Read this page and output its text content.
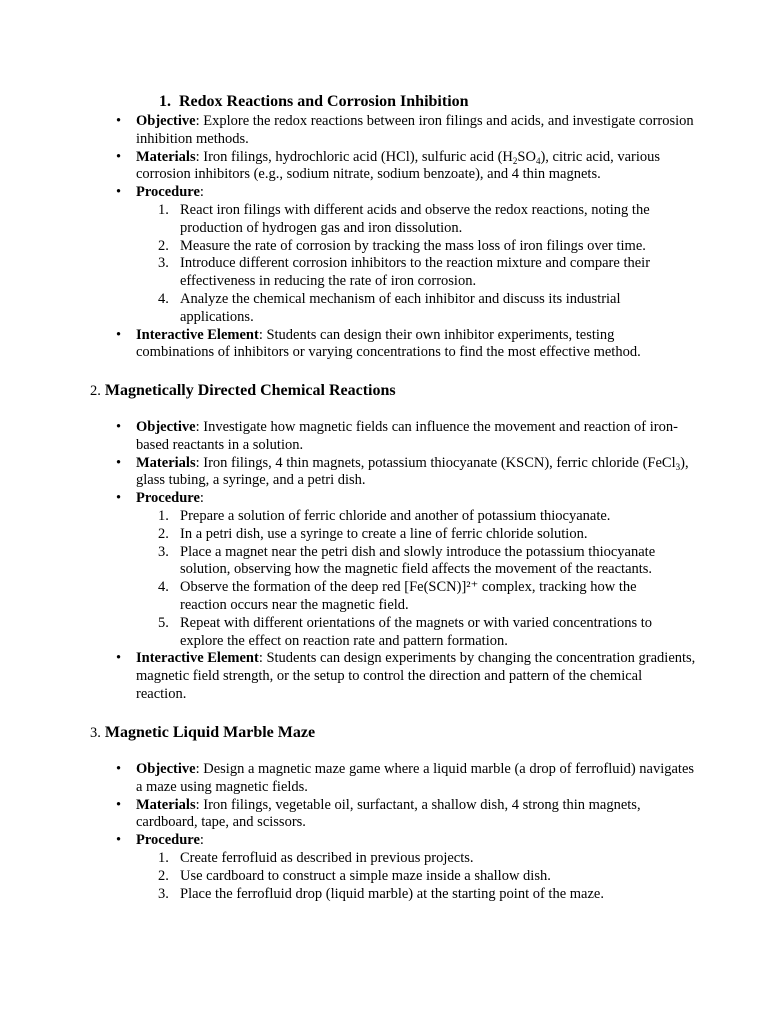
1. Redox Reactions and Corrosion Inhibition
• Objective: Explore the redox reactions between iron filings and acids, and investigate corrosion inhibition methods.
• Materials: Iron filings, hydrochloric acid (HCl), sulfuric acid $(H_2SO_4)$, citric acid, various corrosion inhibitors (e.g., sodium nitrate, sodium benzoate), and 4 thin magnets.
• Procedure:
1. React iron filings with different acids and observe the redox reactions, noting the production of hydrogen gas and iron dissolution.
2. Measure the rate of corrosion by tracking the mass loss of iron filings over time.
3. Introduce different corrosion inhibitors to the reaction mixture and compare their effectiveness in reducing the rate of iron corrosion.
4. Analyze the chemical mechanism of each inhibitor and discuss its industrial applications.
• Interactive Element: Students can design their own inhibitor experiments, testing combinations of inhibitors or varying concentrations to find the most effective method.
2. Magnetically Directed Chemical Reactions
• Objective: Investigate how magnetic fields can influence the movement and reaction of iron-based reactants in a solution.
• Materials: Iron filings, 4 thin magnets, potassium thiocyanate (KSCN), ferric chloride (FeCl$_3$), glass tubing, a syringe, and a petri dish.
• Procedure:
1. Prepare a solution of ferric chloride and another of potassium thiocyanate.
2. In a petri dish, use a syringe to create a line of ferric chloride solution.
3. Place a magnet near the petri dish and slowly introduce the potassium thiocyanate solution, observing how the magnetic field affects the movement of the reactants.
4. Observe the formation of the deep red [Fe(SCN)]²⁺ complex, tracking how the reaction occurs near the magnetic field.
5. Repeat with different orientations of the magnets or with varied concentrations to explore the effect on reaction rate and pattern formation.
• Interactive Element: Students can design experiments by changing the concentration gradients, magnetic field strength, or the setup to control the direction and pattern of the chemical reaction.
3. Magnetic Liquid Marble Maze
• Objective: Design a magnetic maze game where a liquid marble (a drop of ferrofluid) navigates a maze using magnetic fields.
• Materials: Iron filings, vegetable oil, surfactant, a shallow dish, 4 strong thin magnets, cardboard, tape, and scissors.
• Procedure:
1. Create ferrofluid as described in previous projects.
2. Use cardboard to construct a simple maze inside a shallow dish.
3. Place the ferrofluid drop (liquid marble) at the starting point of the maze.
